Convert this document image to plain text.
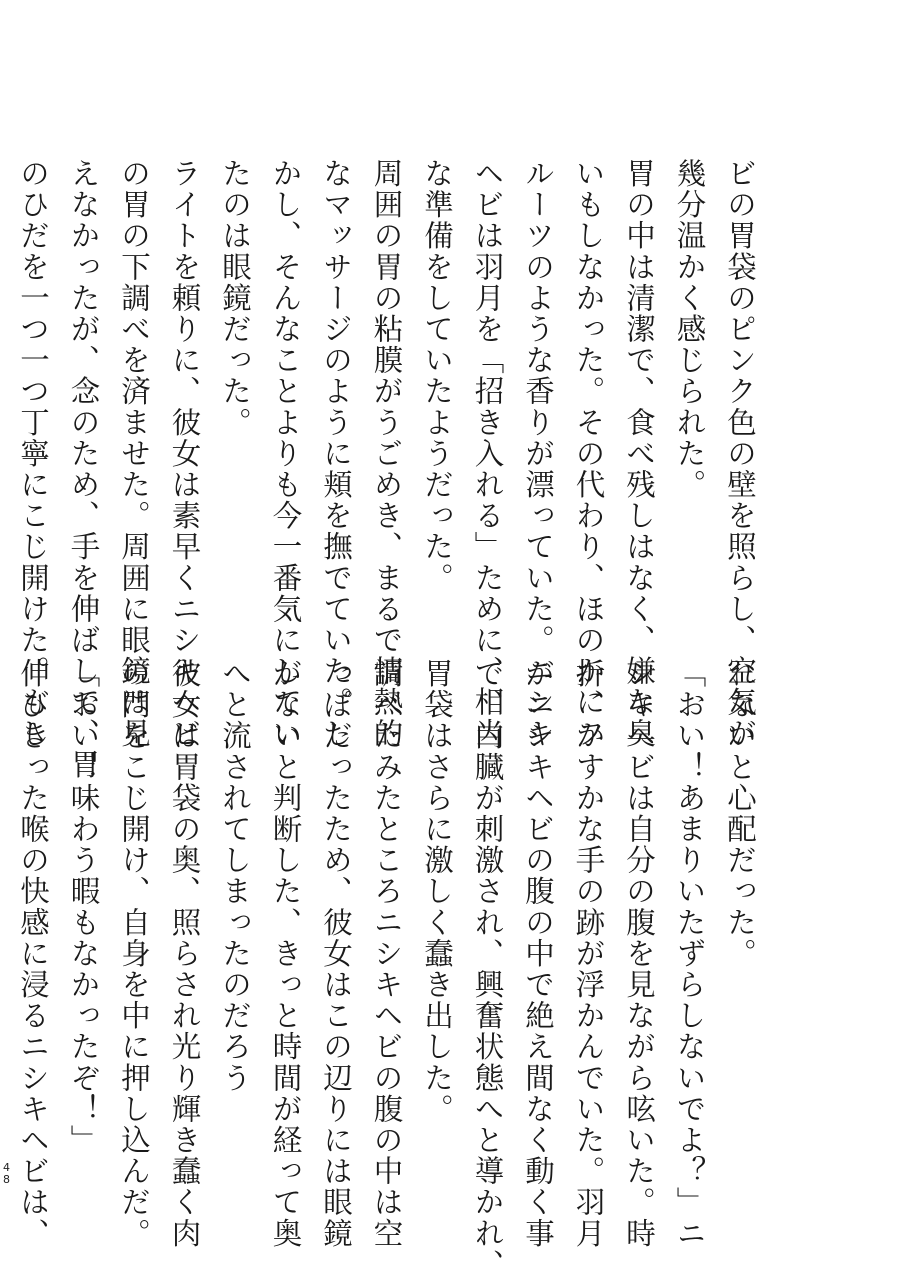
ビの胃袋のピンク色の壁を照らし、空気が
幾分温かく感じられた。
胃の中は清潔で、食べ残しはなく、嫌な臭
いもしなかった。その代わり、ほのかにフ
ルーツのような香りが漂っていた。ニシキ
ヘビは羽月を「招き入れる」ために、相当
な準備をしていたようだった。
周囲の胃の粘膜がうごめき、まるで情熱的
なマッサージのように頬を撫でていた。し
かし、そんなことよりも今一番気にしてい
たのは眼鏡だった。
ライトを頼りに、彼女は素早くニシキヘビ
の胃の下調べを済ませた。周囲に眼鏡は見
えなかったが、念のため、手を伸ばして、胃
のひだを一つ一つ丁寧にこじ開けた。もし
れないと心配だった。
「おい！あまりいたずらしないでよ？」ニ
シキヘビは自分の腹を見ながら呟いた。時
折、かすかな手の跡が浮かんでいた。羽月
がニシキヘビの腹の中で絶え間なく動く事
で、内臓が刺激され、興奮状態へと導かれ、
胃袋はさらに激しく蠢き出した。
調べたみたところニシキヘビの腹の中は空
っぽだったため、彼女はこの辺りには眼鏡
がないと判断した、きっと時間が経って奥
へと流されてしまったのだろう
彼女は胃袋の奥、照らされ光り輝き蠢く肉
の門をこじ開け、自身を中に押し込んだ。
「おい！味わう暇もなかったぞ！」
伸びきった喉の快感に浸るニシキヘビは、
48
